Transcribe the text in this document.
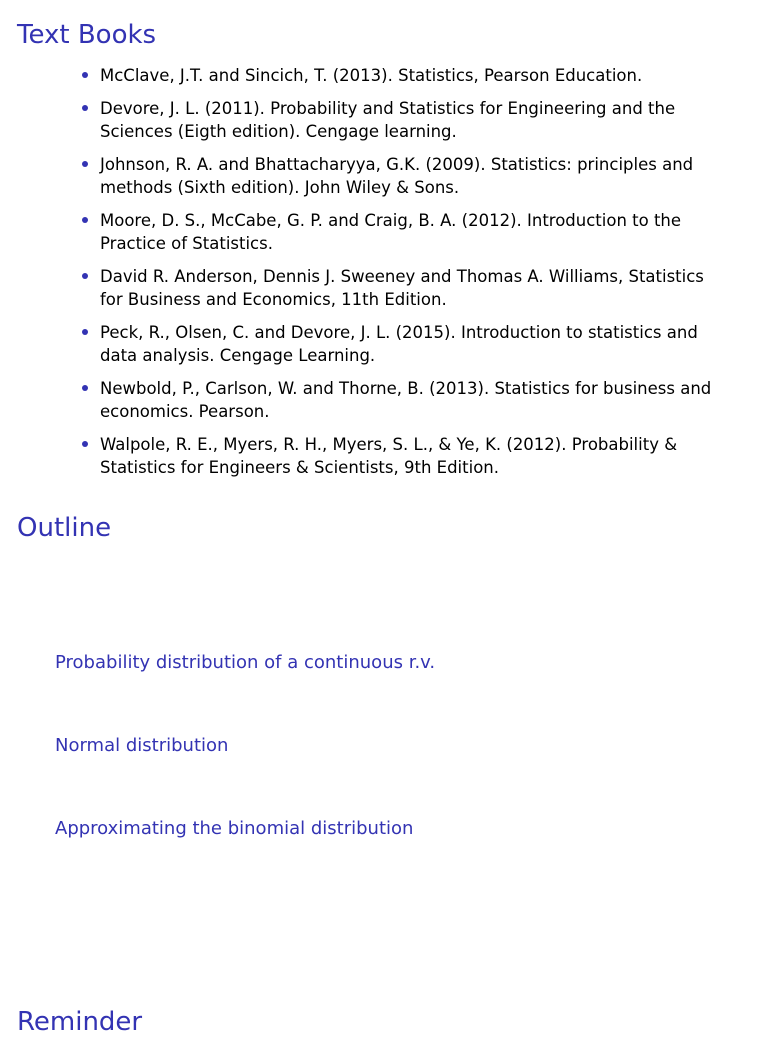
Text Books
McClave, J.T. and Sincich, T. (2013). Statistics, Pearson Education.
Devore, J. L. (2011). Probability and Statistics for Engineering and the Sciences (Eigth edition). Cengage learning.
Johnson, R. A. and Bhattacharyya, G.K. (2009). Statistics: principles and methods (Sixth edition). John Wiley & Sons.
Moore, D. S., McCabe, G. P. and Craig, B. A. (2012). Introduction to the Practice of Statistics.
David R. Anderson, Dennis J. Sweeney and Thomas A. Williams, Statistics for Business and Economics, 11th Edition.
Peck, R., Olsen, C. and Devore, J. L. (2015). Introduction to statistics and data analysis. Cengage Learning.
Newbold, P., Carlson, W. and Thorne, B. (2013). Statistics for business and economics. Pearson.
Walpole, R. E., Myers, R. H., Myers, S. L., & Ye, K. (2012). Probability & Statistics for Engineers & Scientists, 9th Edition.
Outline
Probability distribution of a continuous r.v.
Normal distribution
Approximating the binomial distribution
Reminder
